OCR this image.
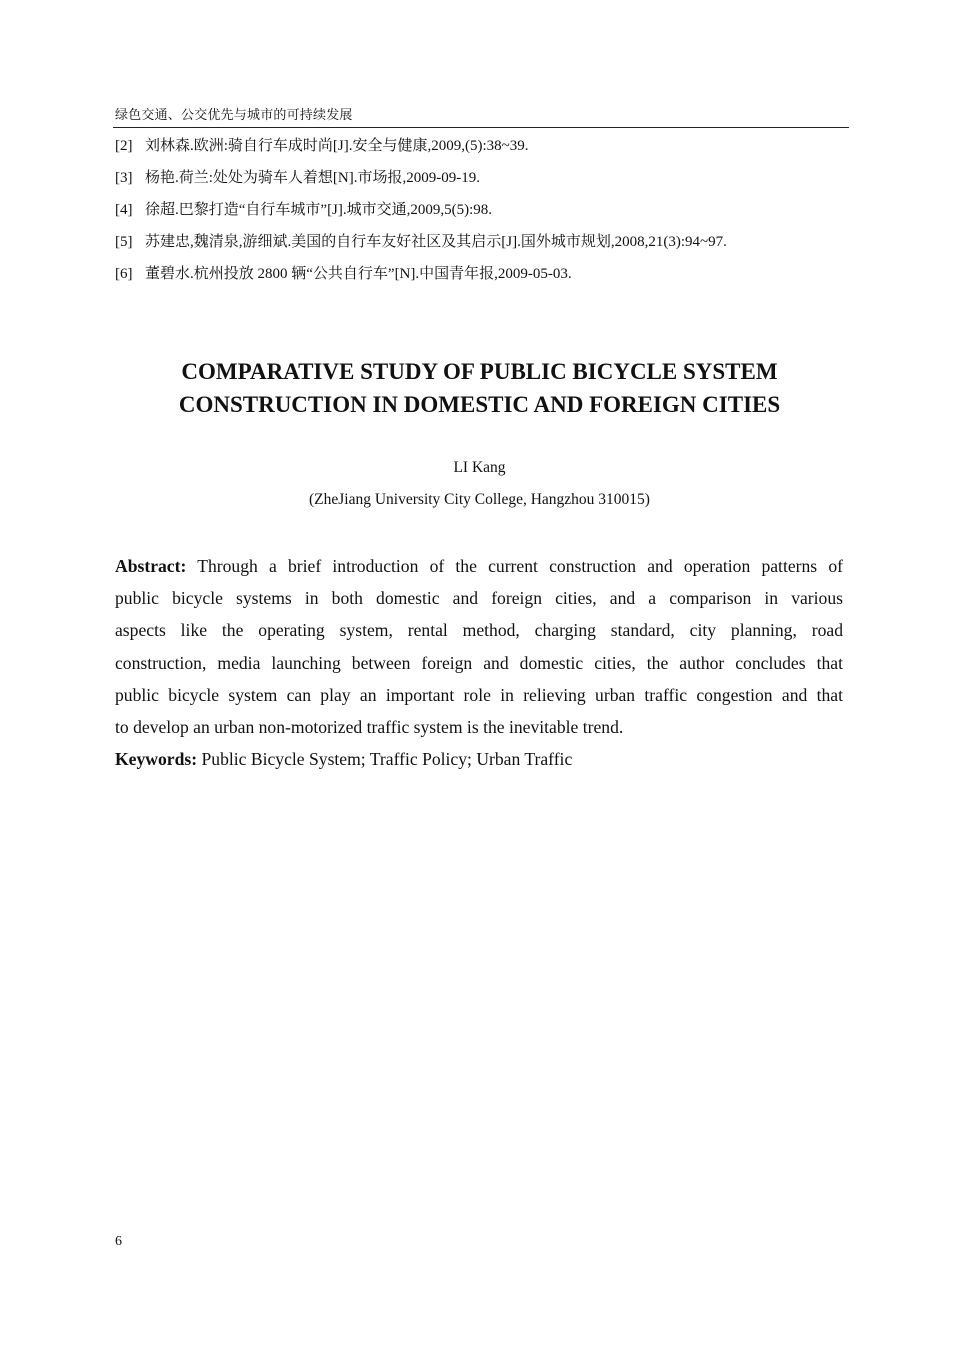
绿色交通、公交优先与城市的可持续发展
[2] 刘林森.欧洲:骑自行车成时尚[J].安全与健康,2009,(5):38~39.
[3] 杨艳.荷兰:处处为骑车人着想[N].市场报,2009-09-19.
[4] 徐超.巴黎打造“自行车城市”[J].城市交通,2009,5(5):98.
[5] 苏建忠,魏清泉,游细斌.美国的自行车友好社区及其启示[J].国外城市规划,2008,21(3):94~97.
[6] 董碧水.杭州投放 2800 辆“公共自行车”[N].中国青年报,2009-05-03.
COMPARATIVE STUDY OF PUBLIC BICYCLE SYSTEM
CONSTRUCTION IN DOMESTIC AND FOREIGN CITIES
LI Kang
(ZheJiang University City College, Hangzhou 310015)

Abstract: Through a brief introduction of the current construction and operation patterns of
public bicycle systems in both domestic and foreign cities, and a comparison in various
aspects like the operating system, rental method, charging standard, city planning, road
construction, media launching between foreign and domestic cities, the author concludes that
public bicycle system can play an important role in relieving urban traffic congestion and that
to develop an urban non-motorized traffic system is the inevitable trend.

Keywords: Public Bicycle System; Traffic Policy; Urban Traffic

6
